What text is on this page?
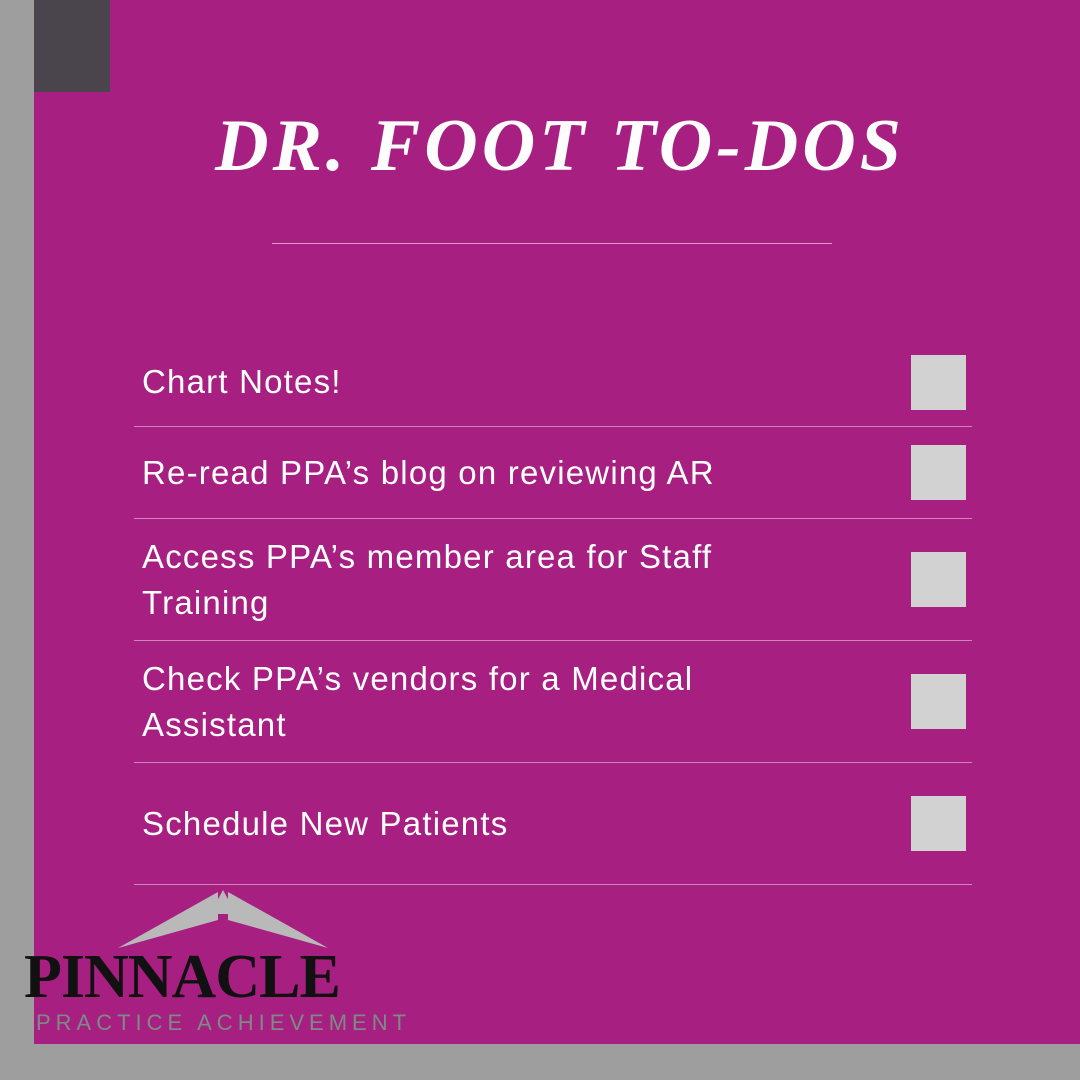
DR. FOOT TO-DOS
Chart Notes!
Re-read PPA’s blog on reviewing AR
Access PPA’s member area for Staff Training
Check PPA’s vendors for a Medical Assistant
Schedule New Patients
PINNACLE
PRACTICE ACHIEVEMENT
